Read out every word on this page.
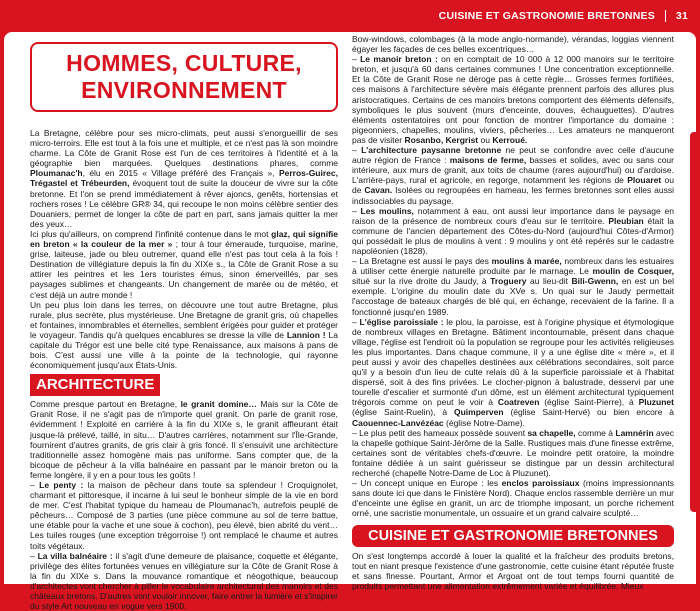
CUISINE ET GASTRONOMIE BRETONNES 31
HOMMES, CULTURE,
ENVIRONNEMENT

La Bretagne, célèbre pour ses micro-climats, peut aussi s'enorgueillir de ses micro-terroirs. Elle est tout à la fois une et multiple, et ce n'est pas là son moindre charme. La Côte de Granit Rose est l'un de ces territoires à l'identité et à la géographie bien marquées. Quelques destinations phares, comme Ploumanac'h, élu en 2015 « Village préféré des Français », Perros-Guirec, Trégastel et Trébeurden, évoquent tout de suite la douceur de vivre sur la côte bretonne. Et l'on se prend immédiatement à rêver ajoncs, genêts, hortensias et rochers roses ! Le célèbre GR® 34, qui recoupe le non moins célèbre sentier des Douaniers, permet de longer la côte de part en part, sans jamais quitter la mer des yeux…

Ici plus qu'ailleurs, on comprend l'infinité contenue dans le mot glaz, qui signifie en breton « la couleur de la mer » ; tour à tour émeraude, turquoise, marine, grise, laiteuse, jade ou bleu outremer, quand elle n'est pas tout cela à la fois ! Destination de villégiature depuis la fin du XIXe s., la Côte de Granit Rose a su attirer les peintres et les 1ers touristes émus, sinon émerveillés, par ses paysages sublimes et changeants. Un changement de marée ou de météo, et c'est déjà un autre monde !

Un peu plus loin dans les terres, on découvre une tout autre Bretagne, plus rurale, plus secrète, plus mystérieuse. Une Bretagne de granit gris, où chapelles et fontaines, innombrables et éternelles, semblent érigées pour guider et protéger le voyageur. Tandis qu'à quelques encablures se dresse la ville de Lannion ! La capitale du Trégor est une belle cité type Renaissance, aux maisons à pans de bois. C'est aussi une ville à la pointe de la technologie, qui rayonne économiquement jusqu'aux États-Unis.

ARCHITECTURE

Comme presque partout en Bretagne, le granit domine… Mais sur la Côte de Granit Rose, il ne s'agit pas de n'importe quel granit. On parle de granit rose, évidemment ! Exploité en carrière à la fin du XIXe s, le granit affleurant était jusque-là prélevé, taillé, in situ… D'autres carrières, notamment sur l'Île-Grande, fournirent d'autres granits, de gris clair à gris foncé. Il s'ensuivit une architecture traditionnelle assez homogène mais pas uniforme. Sans compter que, de la bicoque de pêcheur à la villa balnéaire en passant par le manoir breton ou la ferme longère, il y en a pour tous les goûts !

– Le penty : la maison de pêcheur dans toute sa splendeur ! Croquignolet, charmant et pittoresque, il incarne à lui seul le bonheur simple de la vie en bord de mer. C'est l'habitat typique du hameau de Ploumanac'h, autrefois peuplé de pêcheurs… Composé de 3 parties (une pièce commune au sol de terre battue, une étable pour la vache et une soue à cochon), peu élevé, bien abrité du vent… Les tuiles rouges (une exception trégorroise !) ont remplacé le chaume et autres toits végétaux.

– La villa balnéaire : il s'agit d'une demeure de plaisance, coquette et élégante, privilège des élites fortunées venues en villégiature sur la Côte de Granit Rose à la fin du XIXe s. Dans la mouvance romantique et néogothique, beaucoup d'architectes vont chercher à piller le vocabulaire architectural des manoirs et des châteaux bretons. D'autres vont vouloir innover, faire entrer la lumière et s'inspirer du style Art nouveau en vogue vers 1900.

Bow-windows, colombages (à la mode anglo-normande), vérandas, loggias viennent égayer les façades de ces belles excentriques…

– Le manoir breton : on en comptait de 10 000 à 12 000 manoirs sur le territoire breton, et jusqu'à 60 dans certaines communes ! Une concentration exceptionnelle. Et la Côte de Granit Rose ne déroge pas à cette règle… Grosses fermes fortifiées, ces maisons à l'architecture sévère mais élégante prennent parfois des allures plus aristocratiques. Certains de ces manoirs bretons comportent des éléments défensifs, symboliques le plus souvent (murs d'enceinte, douves, échauguettes). D'autres éléments ostentatoires ont pour fonction de montrer l'importance du domaine : pigeonniers, chapelles, moulins, viviers, pêcheries… Les amateurs ne manqueront pas de visiter Rosanbo, Kergrist ou Kerroué.

– L'architecture paysanne bretonne ne peut se confondre avec celle d'aucune autre région de France : maisons de ferme, basses et solides, avec ou sans cour intérieure, aux murs de granit, aux toits de chaume (rares aujourd'hui) ou d'ardoise. L'arrière-pays, rural et agricole, en regorge, notamment les régions de Plouaret ou de Cavan. Isolées ou regroupées en hameau, les fermes bretonnes sont elles aussi indissociables du paysage.

– Les moulins, notamment à eau, ont aussi leur importance dans le paysage en raison de la présence de nombreux cours d'eau sur le territoire. Pleubian était la commune de l'ancien département des Côtes-du-Nord (aujourd'hui Côtes-d'Armor) qui possédait le plus de moulins à vent : 9 moulins y ont été repérés sur le cadastre napoléonien (1828).

– La Bretagne est aussi le pays des moulins à marée, nombreux dans les estuaires à utiliser cette énergie naturelle produite par le marnage. Le moulin de Cosquer, situé sur la rive droite du Jaudy, à Troguery au lieu-dit Bili-Gwenn, en est un bel exemple. L'origine du moulin date du XVe s. Un quai sur le Jaudy permettait l'accostage de bateaux chargés de blé qui, en échange, recevaient de la farine. Il a fonctionné jusqu'en 1989.

– L'église paroissiale : le plou, la paroisse, est à l'origine physique et étymologique de nombreux villages en Bretagne. Bâtiment incontournable, présent dans chaque village, l'église est l'endroit où la population se regroupe pour les activités religieuses les plus importantes. Dans chaque commune, il y a une église dite « mère », et il peut aussi y avoir des chapelles destinées aux célébrations secondaires, soit parce qu'il y a besoin d'un lieu de culte relais dû à la superficie paroissiale et à l'habitat dispersé, soit à des fins privées. Le clocher-pignon à balustrade, desservi par une tourelle d'escalier et surmonté d'un dôme, est un élément architectural typiquement trégorois comme on peut le voir à Coatreven (église Saint-Pierre), à Pluzunet (église Saint-Ruelin), à Quimperven (église Saint-Hervé) ou bien encore à Caouennec-Lanvézéac (église Notre-Dame).

– Le plus petit des hameaux possède souvent sa chapelle, comme à Lamnérin avec la chapelle gothique Saint-Jérôme de la Salle. Rustiques mais d'une finesse extrême, certaines sont de véritables chefs-d'œuvre. Le moindre petit oratoire, la moindre fontaine dédiée à un saint guérisseur se distingue par un dessin architectural recherché (chapelle Notre-Dame de Loc à Pluzunet).

– Un concept unique en Europe : les enclos paroissiaux (moins impressionnants sans doute ici que dans le Finistère Nord). Chaque enclos rassemble derrière un mur d'enceinte une église en granit, un arc de triomphe imposant, un porche richement orné, une sacristie monumentale, un ossuaire et un grand calvaire sculpté…

CUISINE ET GASTRONOMIE BRETONNES

On s'est longtemps accordé à louer la qualité et la fraîcheur des produits bretons, tout en niant presque l'existence d'une gastronomie, cette cuisine étant réputée fruste et sans finesse. Pourtant, Armor et Argoat ont de tout temps fourni quantité de produits permettant une alimentation extrêmement variée et équilibrée. Mieux
